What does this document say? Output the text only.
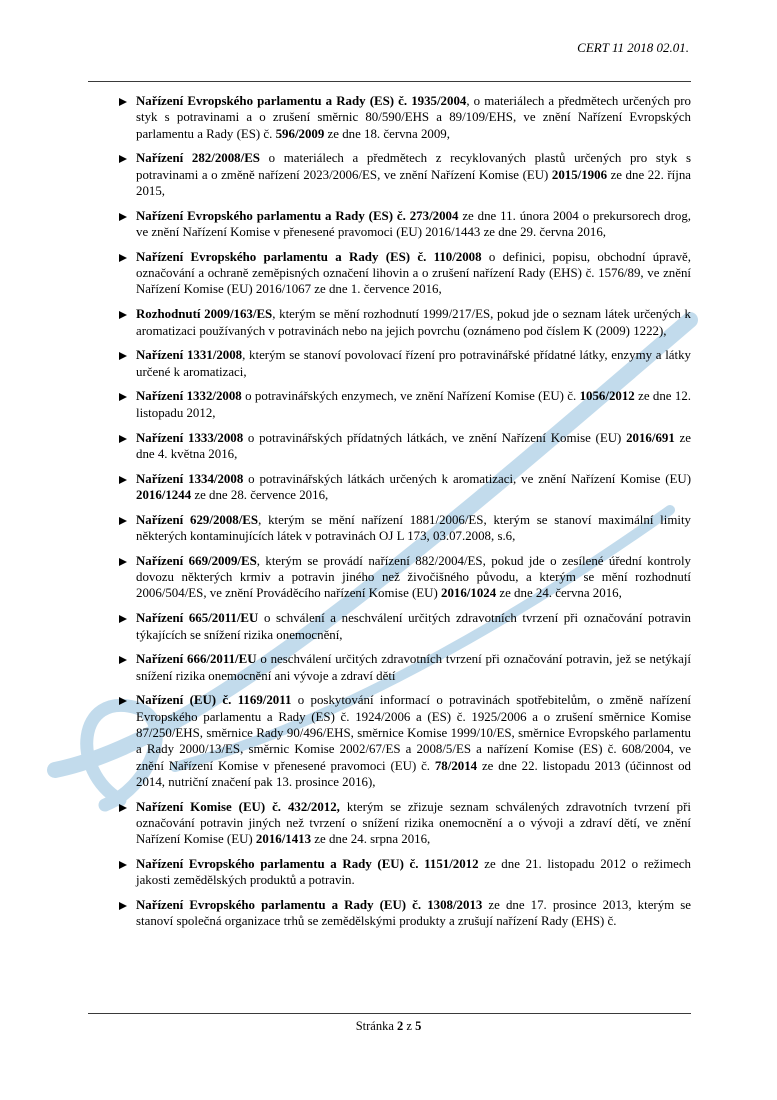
CERT 11 2018 02.01.

Nařízení Evropského parlamentu a Rady (ES) č. 1935/2004, o materiálech a předmětech určených pro styk s potravinami a o zrušení směrnic 80/590/EHS a 89/109/EHS, ve znění Nařízení Evropských parlamentu a Rady (ES) č. 596/2009 ze dne 18. června 2009,

Nařízení 282/2008/ES o materiálech a předmětech z recyklovaných plastů určených pro styk s potravinami a o změně nařízení 2023/2006/ES, ve znění Nařízení Komise (EU) 2015/1906 ze dne 22. října 2015,

Nařízení Evropského parlamentu a Rady (ES) č. 273/2004 ze dne 11. února 2004 o prekursorech drog, ve znění Nařízení Komise v přenesené pravomoci (EU) 2016/1443 ze dne 29. června 2016,

Nařízení Evropského parlamentu a Rady (ES) č. 110/2008 o definici, popisu, obchodní úpravě, označování a ochraně zeměpisných označení lihovin a o zrušení nařízení Rady (EHS) č. 1576/89, ve znění Nařízení Komise (EU) 2016/1067 ze dne 1. července 2016,

Rozhodnutí 2009/163/ES, kterým se mění rozhodnutí 1999/217/ES, pokud jde o seznam látek určených k aromatizaci používaných v potravinách nebo na jejich povrchu (oznámeno pod číslem K (2009) 1222),

Nařízení 1331/2008, kterým se stanoví povolovací řízení pro potravinářské přídatné látky, enzymy a látky určené k aromatizaci,

Nařízení 1332/2008 o potravinářských enzymech, ve znění Nařízení Komise (EU) č. 1056/2012 ze dne 12. listopadu 2012,

Nařízení 1333/2008 o potravinářských přídatných látkách, ve znění Nařízení Komise (EU) 2016/691 ze dne 4. května 2016,

Nařízení 1334/2008 o potravinářských látkách určených k aromatizaci, ve znění Nařízení Komise (EU) 2016/1244 ze dne 28. července 2016,

Nařízení 629/2008/ES, kterým se mění nařízení 1881/2006/ES, kterým se stanoví maximální limity některých kontaminujících látek v potravinách OJ L 173, 03.07.2008, s.6,

Nařízení 669/2009/ES, kterým se provádí nařízení 882/2004/ES, pokud jde o zesílené úřední kontroly dovozu některých krmiv a potravin jiného než živočišného původu, a kterým se mění rozhodnutí 2006/504/ES, ve znění Prováděcího nařízení Komise (EU) 2016/1024 ze dne 24. června 2016,

Nařízení 665/2011/EU o schválení a neschválení určitých zdravotních tvrzení při označování potravin týkajících se snížení rizika onemocnění,

Nařízení 666/2011/EU o neschválení určitých zdravotních tvrzení při označování potravin, jež se netýkají snížení rizika onemocnění ani vývoje a zdraví dětí

Nařízení (EU) č. 1169/2011 o poskytování informací o potravinách spotřebitelům, o změně nařízení Evropského parlamentu a Rady (ES) č. 1924/2006 a (ES) č. 1925/2006 a o zrušení směrnice Komise 87/250/EHS, směrnice Rady 90/496/EHS, směrnice Komise 1999/10/ES, směrnice Evropského parlamentu a Rady 2000/13/ES, směrnic Komise 2002/67/ES a 2008/5/ES a nařízení Komise (ES) č. 608/2004, ve znění Nařízení Komise v přenesené pravomoci (EU) č. 78/2014 ze dne 22. listopadu 2013 (účinnost od 2014, nutriční značení pak 13. prosince 2016),

Nařízení Komise (EU) č. 432/2012, kterým se zřizuje seznam schválených zdravotních tvrzení při označování potravin jiných než tvrzení o snížení rizika onemocnění a o vývoji a zdraví dětí, ve znění Nařízení Komise (EU) 2016/1413 ze dne 24. srpna 2016,

Nařízení Evropského parlamentu a Rady (EU) č. 1151/2012 ze dne 21. listopadu 2012 o režimech jakosti zemědělských produktů a potravin.

Nařízení Evropského parlamentu a Rady (EU) č. 1308/2013 ze dne 17. prosince 2013, kterým se stanoví společná organizace trhů se zemědělskými produkty a zrušují nařízení Rady (EHS) č.

Stránka 2 z 5
